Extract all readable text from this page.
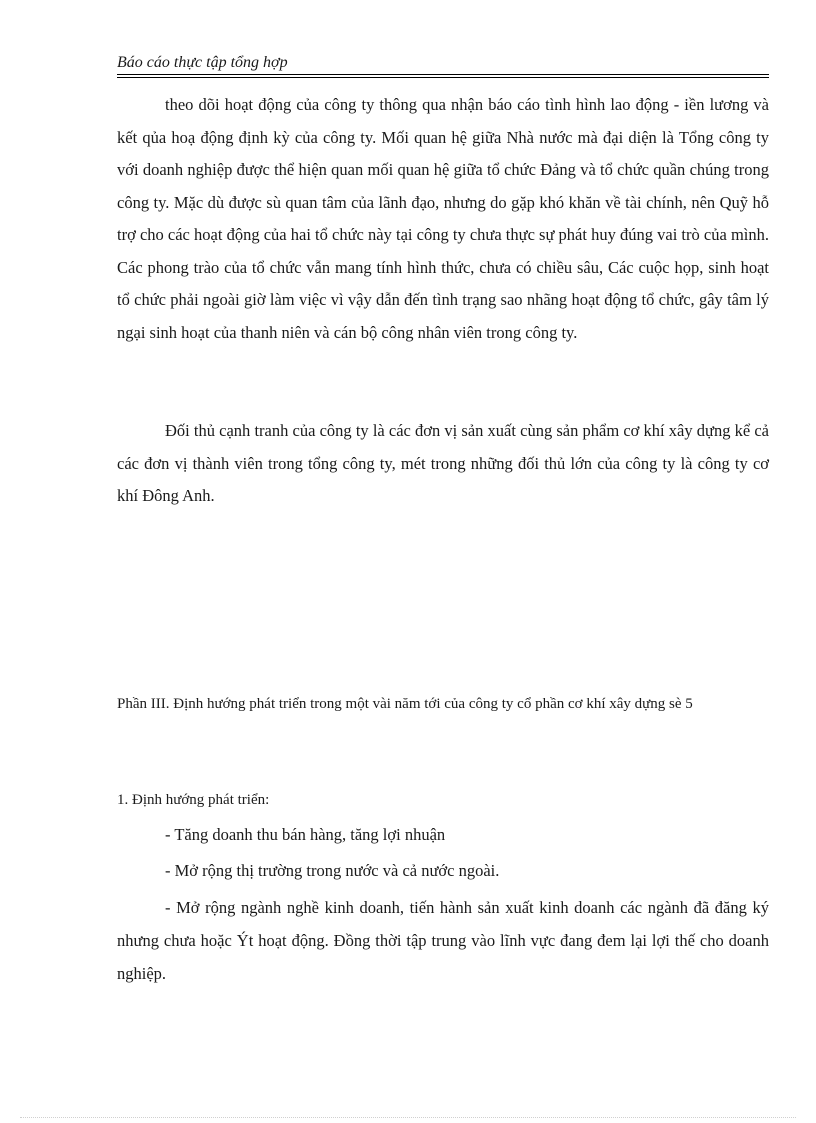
Báo cáo thực tập tổng hợp

theo dõi hoạt động của công ty thông qua nhận báo cáo tình hình lao động - iền lương và kết qủa hoạ động định kỳ của công ty. Mối quan hệ giữa Nhà nước mà đại diện là Tổng công ty với doanh nghiệp được thể hiện quan mối quan hệ giữa tổ chức Đảng và tổ chức quần chúng trong công ty. Mặc dù được sù quan tâm của lãnh đạo, nhưng do gặp khó khăn về tài chính, nên Quỹ hỗ trợ cho các hoạt động của hai tổ chức này tại công ty chưa thực sự phát huy đúng vai trò của mình. Các phong trào của tổ chức vẫn mang tính hình thức, chưa có chiều sâu, Các cuộc họp, sinh hoạt tổ chức phải ngoài giờ làm việc vì vậy dẫn đến tình trạng sao nhãng hoạt động tổ chức, gây tâm lý ngại sinh hoạt của thanh niên và cán bộ công nhân viên trong công ty.

Đối thủ cạnh tranh của công ty là các đơn vị sản xuất cùng sản phẩm cơ khí xây dựng kể cả các đơn vị thành viên trong tổng công ty, mét trong những đối thủ lớn của công ty là công ty cơ khí Đông Anh.

Phần III. Định hướng phát triển trong một vài năm tới của công ty cổ phần cơ khí xây dựng sè 5

1. Định hướng phát triển:

- Tăng doanh thu bán hàng, tăng lợi nhuận

- Mở rộng thị trường trong nước và cả nước ngoài.

- Mở rộng ngành nghề kinh doanh, tiến hành sản xuất kinh doanh các ngành đã đăng ký nhưng chưa hoặc Ýt hoạt động. Đồng thời tập trung vào lĩnh vực đang đem lại lợi thế cho doanh nghiệp.
